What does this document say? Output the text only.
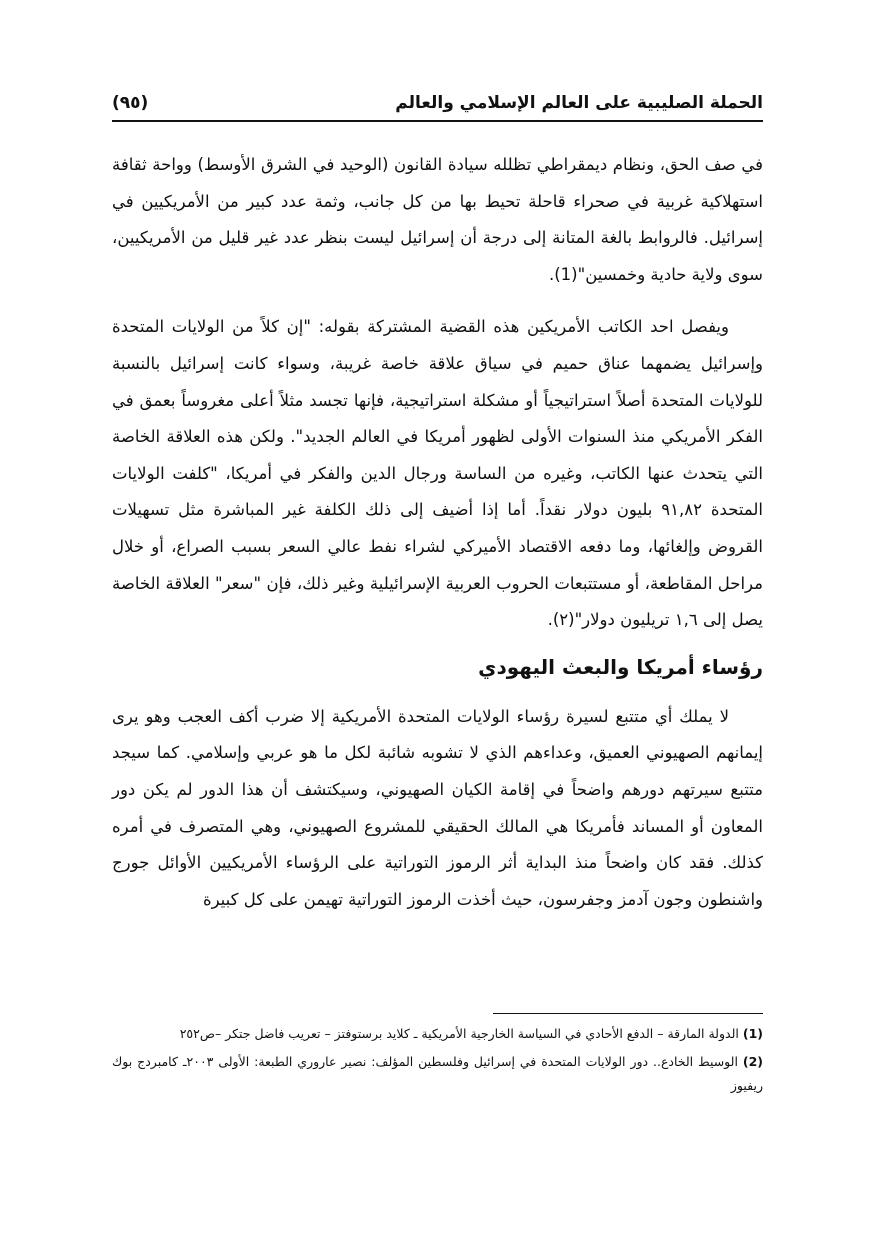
الحملة الصليبية على العالم الإسلامي والعالم
(٩٥)

في صف الحق، ونظام ديمقراطي تظلله سيادة القانون (الوحيد في الشرق الأوسط) وواحة ثقافة استهلاكية غربية في صحراء قاحلة تحيط بها من كل جانب، وثمة عدد كبير من الأمريكيين في إسرائيل. فالروابط بالغة المتانة إلى درجة أن إسرائيل ليست بنظر عدد غير قليل من الأمريكيين، سوى ولاية حادية وخمسين"(1).

ويفصل احد الكاتب الأمريكين هذه القضية المشتركة بقوله: "إن كلاً من الولايات المتحدة وإسرائيل يضمهما عناق حميم في سياق علاقة خاصة غريبة، وسواء كانت إسرائيل بالنسبة للولايات المتحدة أصلاً استراتيجياً أو مشكلة استراتيجية، فإنها تجسد مثلاً أعلى مغروساً بعمق في الفكر الأمريكي منذ السنوات الأولى لظهور أمريكا في العالم الجديد". ولكن هذه العلاقة الخاصة التي يتحدث عنها الكاتب، وغيره من الساسة ورجال الدين والفكر في أمريكا، "كلفت الولايات المتحدة ٩١,٨٢ بليون دولار نقداً. أما إذا أضيف إلى ذلك الكلفة غير المباشرة مثل تسهيلات القروض وإلغائها، وما دفعه الاقتصاد الأميركي لشراء نفط عالي السعر بسبب الصراع، أو خلال مراحل المقاطعة، أو مستتبعات الحروب العربية الإسرائيلية وغير ذلك، فإن "سعر" العلاقة الخاصة يصل إلى ١,٦ تريليون دولار"(٢).

رؤساء أمريكا والبعث اليهودي

لا يملك أي متتبع لسيرة رؤساء الولايات المتحدة الأمريكية إلا ضرب أكف العجب وهو يرى إيمانهم الصهيوني العميق، وعداءهم الذي لا تشوبه شائبة لكل ما هو عربي وإسلامي. كما سيجد متتبع سيرتهم دورهم واضحاً في إقامة الكيان الصهيوني، وسيكتشف أن هذا الدور لم يكن دور المعاون أو المساند فأمريكا هي المالك الحقيقي للمشروع الصهيوني، وهي المتصرف في أمره كذلك. فقد كان واضحاً منذ البداية أثر الرموز التوراتية على الرؤساء الأمريكيين الأوائل جورج واشنطون وجون آدمز وجفرسون، حيث أخذت الرموز التوراتية تهيمن على كل كبيرة

(1) الدولة المارقة – الدفع الأحادي في السياسة الخارجية الأمريكية ـ كلايد برستوفتز – تعريب فاضل جتكر –ص٢٥٢

(2) الوسيط الخادع.. دور الولايات المتحدة في إسرائيل وفلسطين المؤلف: نصير عاروري الطبعة: الأولى ٢٠٠٣ـ كامبردج بوك ريفيوز
